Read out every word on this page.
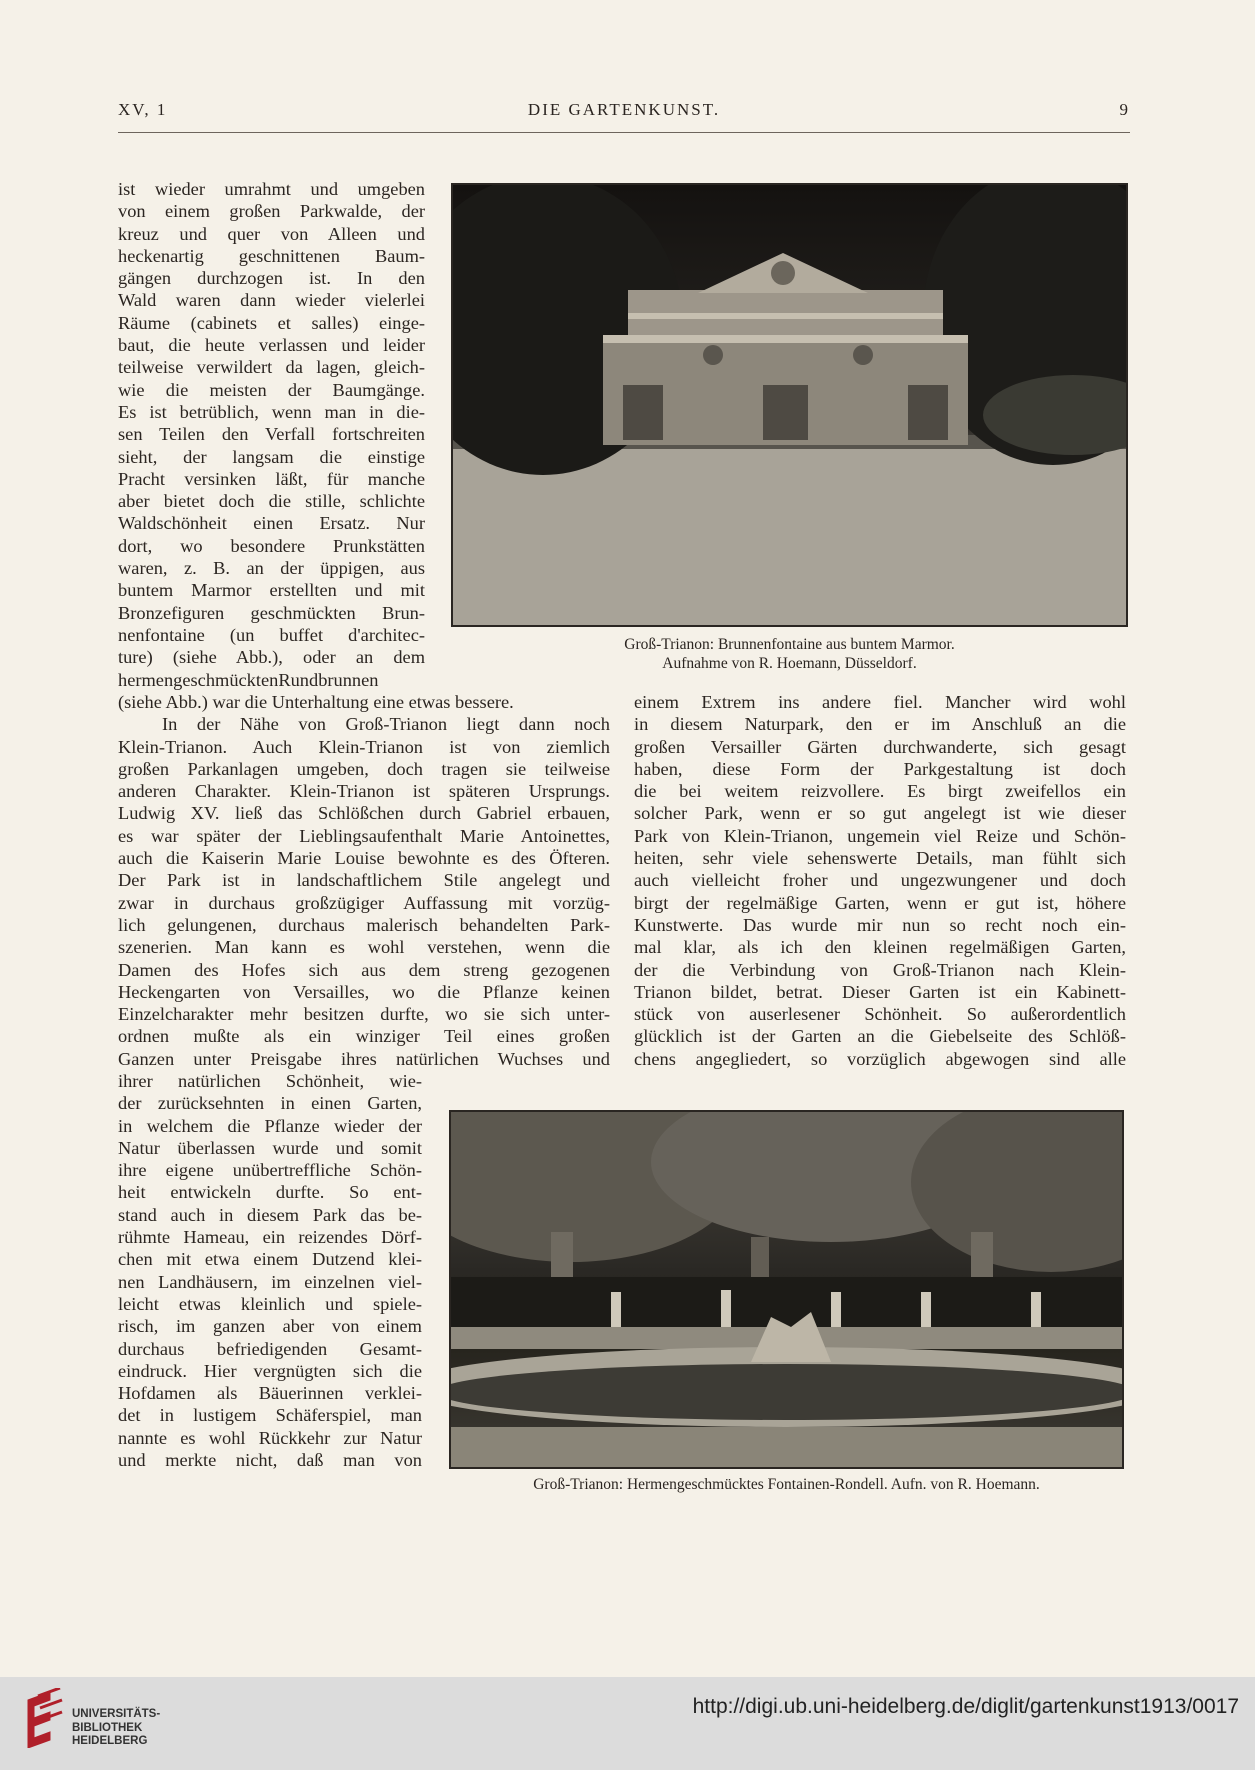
XV, 1	DIE GARTENKUNST.	9
ist wieder umrahmt und umgeben
von einem großen Parkwalde, der
kreuz und quer von Alleen und
heckenartig geschnittenen Baum-
gängen durchzogen ist. In den
Wald waren dann wieder vielerlei
Räume (cabinets et salles) einge-
baut, die heute verlassen und leider
teilweise verwildert da lagen, gleich-
wie die meisten der Baumgänge.
Es ist betrüblich, wenn man in die-
sen Teilen den Verfall fortschreiten
sieht, der langsam die einstige
Pracht versinken läßt, für manche
aber bietet doch die stille, schlichte
Waldschönheit einen Ersatz. Nur
dort, wo besondere Prunkstätten
waren, z. B. an der üppigen, aus
buntem Marmor erstellten und mit
Bronzefiguren geschmückten Brun-
nenfontaine (un buffet d'architec-
ture) (siehe Abb.), oder an dem
hermengeschmücktenRundbrunnen
(siehe Abb.) war die Unterhaltung eine etwas bessere.
In der Nähe von Groß-Trianon liegt dann noch
Klein-Trianon. Auch Klein-Trianon ist von ziemlich
großen Parkanlagen umgeben, doch tragen sie teilweise
anderen Charakter. Klein-Trianon ist späteren Ursprungs.
Ludwig XV. ließ das Schlößchen durch Gabriel erbauen,
es war später der Lieblingsaufenthalt Marie Antoinettes,
auch die Kaiserin Marie Louise bewohnte es des Öfteren.
Der Park ist in landschaftlichem Stile angelegt und
zwar in durchaus großzügiger Auffassung mit vorzüg-
lich gelungenen, durchaus malerisch behandelten Park-
szenerien. Man kann es wohl verstehen, wenn die
Damen des Hofes sich aus dem streng gezogenen
Heckengarten von Versailles, wo die Pflanze keinen
Einzelcharakter mehr besitzen durfte, wo sie sich unter-
ordnen mußte als ein winziger Teil eines großen
Ganzen unter Preisgabe ihres natürlichen Wuchses und
ihrer natürlichen Schönheit, wie-
der zurücksehnten in einen Garten,
in welchem die Pflanze wieder der
Natur überlassen wurde und somit
ihre eigene unübertreffliche Schön-
heit entwickeln durfte. So ent-
stand auch in diesem Park das be-
rühmte Hameau, ein reizendes Dörf-
chen mit etwa einem Dutzend klei-
nen Landhäusern, im einzelnen viel-
leicht etwas kleinlich und spiele-
risch, im ganzen aber von einem
durchaus befriedigenden Gesamt-
eindruck. Hier vergnügten sich die
Hofdamen als Bäuerinnen verklei-
det in lustigem Schäferspiel, man
nannte es wohl Rückkehr zur Natur
und merkte nicht, daß man von
einem Extrem ins andere fiel. Mancher wird wohl
in diesem Naturpark, den er im Anschluß an die
großen Versailler Gärten durchwanderte, sich gesagt
haben, diese Form der Parkgestaltung ist doch
die bei weitem reizvollere. Es birgt zweifellos ein
solcher Park, wenn er so gut angelegt ist wie dieser
Park von Klein-Trianon, ungemein viel Reize und Schön-
heiten, sehr viele sehenswerte Details, man fühlt sich
auch vielleicht froher und ungezwungener und doch
birgt der regelmäßige Garten, wenn er gut ist, höhere
Kunstwerte. Das wurde mir nun so recht noch ein-
mal klar, als ich den kleinen regelmäßigen Garten,
der die Verbindung von Groß-Trianon nach Klein-
Trianon bildet, betrat. Dieser Garten ist ein Kabinett-
stück von auserlesener Schönheit. So außerordentlich
glücklich ist der Garten an die Giebelseite des Schlöß-
chens angegliedert, so vorzüglich abgewogen sind alle
Groß-Trianon: Brunnenfontaine aus buntem Marmor.
Aufnahme von R. Hoemann, Düsseldorf.
Groß-Trianon: Hermengeschmücktes Fontainen-Rondell. Aufn. von R. Hoemann.
UNIVERSITÄTS-
BIBLIOTHEK
HEIDELBERG
http://digi.ub.uni-heidelberg.de/diglit/gartenkunst1913/0017
